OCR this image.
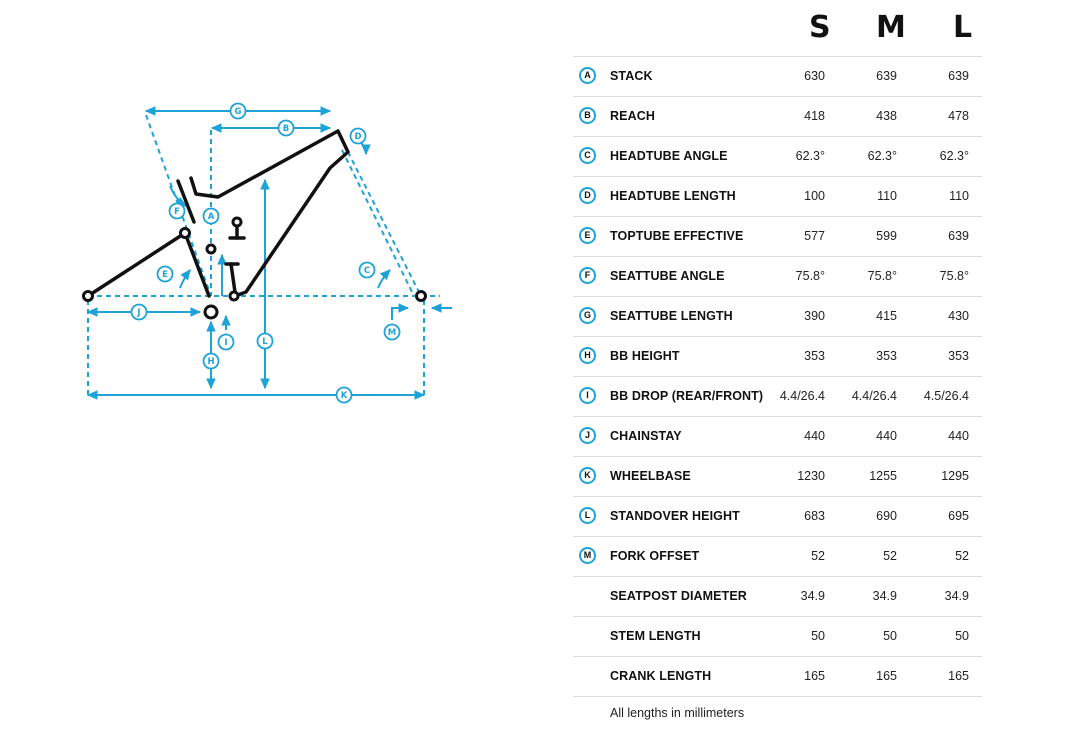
A
B
C
D
E
F
G
H
I
J
K
L
M
S M L
A	STACK	630	639	639
B	REACH	418	438	478
C	HEADTUBE ANGLE	62.3°	62.3°	62.3°
D	HEADTUBE LENGTH	100	110	110
E	TOPTUBE EFFECTIVE	577	599	639
F	SEATTUBE ANGLE	75.8°	75.8°	75.8°
G	SEATTUBE LENGTH	390	415	430
H	BB HEIGHT	353	353	353
I	BB DROP (REAR/FRONT)	4.4/26.4	4.4/26.4	4.5/26.4
J	CHAINSTAY	440	440	440
K	WHEELBASE	1230	1255	1295
L	STANDOVER HEIGHT	683	690	695
M	FORK OFFSET	52	52	52
SEATPOST DIAMETER	34.9	34.9	34.9
STEM LENGTH	50	50	50
CRANK LENGTH	165	165	165
All lengths in millimeters
